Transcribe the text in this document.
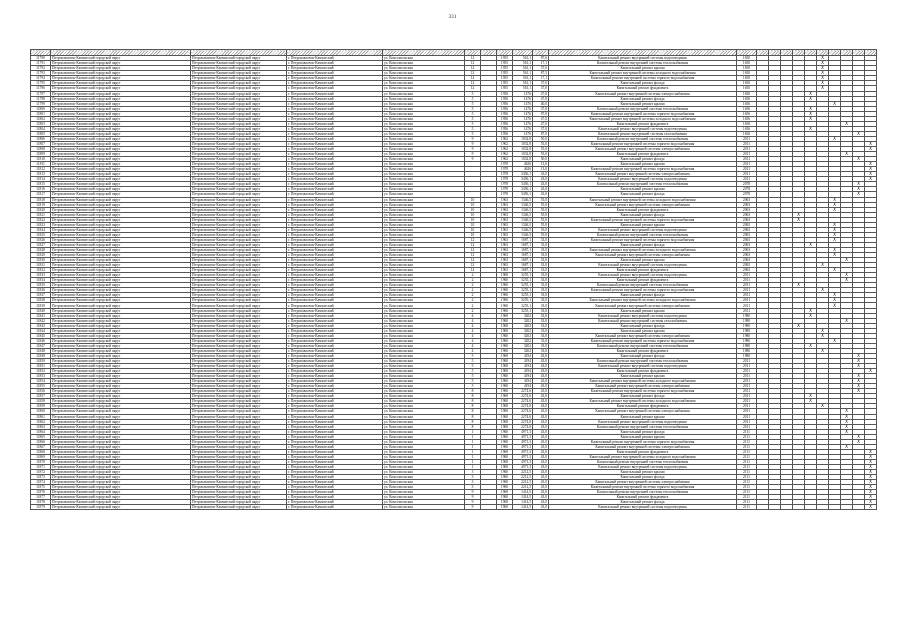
331

11790	Петропавловск-Камчатский городской округ	Петропавловск-Камчатский городской округ	г. Петропавловск-Камчатский	ул. Комсомольская	12		1955	561,1	87,6	Капитальный ремонт внутренней системы водоотведения	1650						X				
11791	Петропавловск-Камчатский городской округ	Петропавловск-Камчатский городской округ	г. Петропавловск-Камчатский	ул. Комсомольская	12		1955	561,1	17,1	Капитальный ремонт внутренней системы теплоснабжения	1650						X				
11792	Петропавловск-Камчатский городской округ	Петропавловск-Камчатский городской округ	г. Петропавловск-Камчатский	ул. Комсомольская	12		1955	561,1	37,0	Капитальный ремонт крыши	1650						X				
11793	Петропавловск-Камчатский городской округ	Петропавловск-Камчатский городской округ	г. Петропавловск-Камчатский	ул. Комсомольская	12		1955	561,1	87,5	Капитальный ремонт внутренней системы холодного водоснабжения	1650						X				
11794	Петропавловск-Камчатский городской округ	Петропавловск-Камчатский городской округ	г. Петропавловск-Камчатский	ул. Комсомольская	12		1955	561,1	17,1	Капитальный ремонт внутренней системы горячего водоснабжения	1650						X				
11795	Петропавловск-Камчатский городской округ	Петропавловск-Камчатский городской округ	г. Петропавловск-Камчатский	ул. Комсомольская	12		1955	561,1	37,0	Капитальный ремонт фасада	1650						X				
11796	Петропавловск-Камчатский городской округ	Петропавловск-Камчатский городской округ	г. Петропавловск-Камчатский	ул. Комсомольская	12		1955	561,1	37,0	Капитальный ремонт фундамента	1650						X				
11797	Петропавловск-Камчатский городской округ	Петропавловск-Камчатский городской округ	г. Петропавловск-Камчатский	ул. Комсомольская	5		1956	1476	47,0	Капитальный ремонт внутренней системы электроснабжения	1656					X					
11798	Петропавловск-Камчатский городской округ	Петропавловск-Камчатский городской округ	г. Петропавловск-Камчатский	ул. Комсомольская	5		1956	1476	47,0	Капитальный ремонт фасада	1656					X					
11799	Петропавловск-Камчатский городской округ	Петропавловск-Камчатский городской округ	г. Петропавловск-Камчатский	ул. Комсомольская	5		1956	1476	40,0	Капитальный ремонт крыши	1656							X			
11800	Петропавловск-Камчатский городской округ	Петропавловск-Камчатский городской округ	г. Петропавловск-Камчатский	ул. Комсомольская	5		1956	1476	37,0	Капитальный ремонт внутренней системы теплоснабжения	1656					X					
11801	Петропавловск-Камчатский городской округ	Петропавловск-Камчатский городской округ	г. Петропавловск-Камчатский	ул. Комсомольская	5		1956	1476	87,0	Капитальный ремонт внутренней системы горячего водоснабжения	1656					X					
11802	Петропавловск-Камчатский городской округ	Петропавловск-Камчатский городской округ	г. Петропавловск-Камчатский	ул. Комсомольская	5		1956	1476	47,0	Капитальный ремонт внутренней системы холодного водоснабжения	1656					X					
11803	Петропавловск-Камчатский городской округ	Петропавловск-Камчатский городской округ	г. Петропавловск-Камчатский	ул. Комсомольская	5		1956	1476	47,0	Капитальный ремонт фундамента	1656								X		
11804	Петропавловск-Камчатский городской округ	Петропавловск-Камчатский городской округ	г. Петропавловск-Камчатский	ул. Комсомольская	5		1956	1476	37,0	Капитальный ремонт внутренней системы водоотведения	1656					X					
11805	Петропавловск-Камчатский городской округ	Петропавловск-Камчатский городской округ	г. Петропавловск-Камчатский	ул. Комсомольская	5		1956	1476	87,0	Капитальный ремонт внутренней системы газоснабжения	1656									X	
11806	Петропавловск-Камчатский городской округ	Петропавловск-Камчатский городской округ	г. Петропавловск-Камчатский	ул. Комсомольская	9		1962	1032,8	50,0	Капитальный ремонт внутренней системы теплоснабжения	2011							X			
11807	Петропавловск-Камчатский городской округ	Петропавловск-Камчатский городской округ	г. Петропавловск-Камчатский	ул. Комсомольская	9		1962	1032,8	55,0	Капитальный ремонт внутренней системы горячего водоснабжения	2011										X
11808	Петропавловск-Камчатский городской округ	Петропавловск-Камчатский городской округ	г. Петропавловск-Камчатский	ул. Комсомольская	9		1962	1032,8	55,0	Капитальный ремонт внутренней системы электроснабжения	2011										X
11809	Петропавловск-Камчатский городской округ	Петропавловск-Камчатский городской округ	г. Петропавловск-Камчатский	ул. Комсомольская	9		1962	1032,8	55,0	Капитальный ремонт фундамента	2011								X		
11810	Петропавловск-Камчатский городской округ	Петропавловск-Камчатский городской округ	г. Петропавловск-Камчатский	ул. Комсомольская	9		1962	1032,8	50,0	Капитальный ремонт фасада	2011									X	
11811	Петропавловск-Камчатский городской округ	Петропавловск-Камчатский городской округ	г. Петропавловск-Камчатский	ул. Комсомольская			1978	4626	13,0	Капитальный ремонт крыши	2011										X
11812	Петропавловск-Камчатский городской округ	Петропавловск-Камчатский городской округ	г. Петропавловск-Камчатский	ул. Комсомольская			1978	4626	13,0	Капитальный ремонт внутренней системы горячего водоснабжения	2011										X
11813	Петропавловск-Камчатский городской округ	Петропавловск-Камчатский городской округ	г. Петропавловск-Камчатский	ул. Комсомольская			1978	3456,1	43,0	Капитальный ремонт внутренней системы электроснабжения	2011										X
11814	Петропавловск-Камчатский городской округ	Петропавловск-Камчатский городской округ	г. Петропавловск-Камчатский	ул. Комсомольская			1978	3456,1	43,0	Капитальный ремонт внутренней системы водоотведения	2011										X
11815	Петропавловск-Камчатский городской округ	Петропавловск-Камчатский городской округ	г. Петропавловск-Камчатский	ул. Комсомольская			1978	3456,1	43,0	Капитальный ремонт внутренней системы теплоснабжения	2078									X	
11816	Петропавловск-Камчатский городской округ	Петропавловск-Камчатский городской округ	г. Петропавловск-Камчатский	ул. Комсомольская			1978	3456,1	43,0	Капитальный ремонт крыши	2078									X	
11817	Петропавловск-Камчатский городской округ	Петропавловск-Камчатский городской округ	г. Петропавловск-Камчатский	ул. Комсомольская			1978	3456,1	43,0	Капитальный ремонт фасада	2078									X	
11818	Петропавловск-Камчатский городской округ	Петропавловск-Камчатский городской округ	г. Петропавловск-Камчатский	ул. Комсомольская	10		1963	1346,5	55,0	Капитальный ремонт внутренней системы холодного водоснабжения	2063							X			
11819	Петропавловск-Камчатский городской округ	Петропавловск-Камчатский городской округ	г. Петропавловск-Камчатский	ул. Комсомольская	10		1963	1346,5	55,0	Капитальный ремонт внутренней системы электроснабжения	2063							X			
11820	Петропавловск-Камчатский городской округ	Петропавловск-Камчатский городской округ	г. Петропавловск-Камчатский	ул. Комсомольская	10		1963	1346,5	55,0	Капитальный ремонт фундамента	2063							X			
11821	Петропавловск-Камчатский городской округ	Петропавловск-Камчатский городской округ	г. Петропавловск-Камчатский	ул. Комсомольская	10		1963	1346,5	55,0	Капитальный ремонт фасада	2063				X						
11822	Петропавловск-Камчатский городской округ	Петропавловск-Камчатский городской округ	г. Петропавловск-Камчатский	ул. Комсомольская	10		1963	1346,5	55,0	Капитальный ремонт внутренней системы горячего водоснабжения	2063				X						
11823	Петропавловск-Камчатский городской округ	Петропавловск-Камчатский городской округ	г. Петропавловск-Камчатский	ул. Комсомольская	10		1963	1346,5	55,0	Капитальный ремонт крыши	2063							X			
11824	Петропавловск-Камчатский городской округ	Петропавловск-Камчатский городской округ	г. Петропавловск-Камчатский	ул. Комсомольская	10		1963	1346,5	55,0	Капитальный ремонт внутренней системы водоотведения	2063							X			
11825	Петропавловск-Камчатский городской округ	Петропавловск-Камчатский городской округ	г. Петропавловск-Камчатский	ул. Комсомольская	10		1963	1346,5	55,0	Капитальный ремонт внутренней системы теплоснабжения	2063							X			
11826	Петропавловск-Камчатский городской округ	Петропавловск-Камчатский городской округ	г. Петропавловск-Камчатский	ул. Комсомольская	12		1963	1687,1	33,0	Капитальный ремонт внутренней системы горячего водоснабжения	2063							X			
11827	Петропавловск-Камчатский городской округ	Петропавловск-Камчатский городской округ	г. Петропавловск-Камчатский	ул. Комсомольская	12		1963	1687,1	33,0	Капитальный ремонт фасада	2063					X					
11828	Петропавловск-Камчатский городской округ	Петропавловск-Камчатский городской округ	г. Петропавловск-Камчатский	ул. Комсомольская	12		1963	1687,1	33,0	Капитальный ремонт внутренней системы холодного водоснабжения	2063							X			
11829	Петропавловск-Камчатский городской округ	Петропавловск-Камчатский городской округ	г. Петропавловск-Камчатский	ул. Комсомольская	12		1963	1687,1	33,0	Капитальный ремонт внутренней системы электроснабжения	2063							X			
11830	Петропавловск-Камчатский городской округ	Петропавловск-Камчатский городской округ	г. Петропавловск-Камчатский	ул. Комсомольская	12		1963	1687,1	33,0	Капитальный ремонт крыши	2063								X		
11831	Петропавловск-Камчатский городской округ	Петропавловск-Камчатский городской округ	г. Петропавловск-Камчатский	ул. Комсомольская	12		1963	1687,1	33,0	Капитальный ремонт внутренней системы водоотведения	2063						X				
11832	Петропавловск-Камчатский городской округ	Петропавловск-Камчатский городской округ	г. Петропавловск-Камчатский	ул. Комсомольская	12		1963	1687,1	33,0	Капитальный ремонт фундамента	2063							X			
11833	Петропавловск-Камчатский городской округ	Петропавловск-Камчатский городской округ	г. Петропавловск-Камчатский	ул. Комсомольская	2		1960	3255,1	33,0	Капитальный ремонт внутренней системы водоотведения	2011								X		
11834	Петропавловск-Камчатский городской округ	Петропавловск-Камчатский городской округ	г. Петропавловск-Камчатский	ул. Комсомольская	2		1960	3255,1	33,0	Капитальный ремонт фундамента	2011								X		
11835	Петропавловск-Камчатский городской округ	Петропавловск-Камчатский городской округ	г. Петропавловск-Камчатский	ул. Комсомольская	2		1960	3255,1	33,0	Капитальный ремонт внутренней системы теплоснабжения	2011				X						
11836	Петропавловск-Камчатский городской округ	Петропавловск-Камчатский городской округ	г. Петропавловск-Камчатский	ул. Комсомольская	2		1960	3255,1	33,0	Капитальный ремонт внутренней системы горячего водоснабжения	2011						X				
11837	Петропавловск-Камчатский городской округ	Петропавловск-Камчатский городской округ	г. Петропавловск-Камчатский	ул. Комсомольская	2		1960	3255,1	33,0	Капитальный ремонт фасада	2011							X			
11838	Петропавловск-Камчатский городской округ	Петропавловск-Камчатский городской округ	г. Петропавловск-Камчатский	ул. Комсомольская	2		1960	3255,1	33,0	Капитальный ремонт внутренней системы холодного водоснабжения	2011							X			
11839	Петропавловск-Камчатский городской округ	Петропавловск-Камчатский городской округ	г. Петропавловск-Камчатский	ул. Комсомольская	2		1960	3255,1	33,0	Капитальный ремонт внутренней системы электроснабжения	2011							X			
11840	Петропавловск-Камчатский городской округ	Петропавловск-Камчатский городской округ	г. Петропавловск-Камчатский	ул. Комсомольская	2		1960	3255,1	33,0	Капитальный ремонт крыши	2011					X					
11841	Петропавловск-Камчатский городской округ	Петропавловск-Камчатский городской округ	г. Петропавловск-Камчатский	ул. Комсомольская	4		1960	3202	33,0	Капитальный ремонт внутренней системы водоотведения	1980					X					
11842	Петропавловск-Камчатский городской округ	Петропавловск-Камчатский городской округ	г. Петропавловск-Камчатский	ул. Комсомольская	4		1960	3202	33,0	Капитальный ремонт внутренней системы газоснабжения	1980								X		
11843	Петропавловск-Камчатский городской округ	Петропавловск-Камчатский городской округ	г. Петропавловск-Камчатский	ул. Комсомольская	4		1960	3202	33,0	Капитальный ремонт фасада	1980				X						
11844	Петропавловск-Камчатский городской округ	Петропавловск-Камчатский городской округ	г. Петропавловск-Камчатский	ул. Комсомольская	4		1960	3202	33,0	Капитальный ремонт крыши	1980						X				
11845	Петропавловск-Камчатский городской округ	Петропавловск-Камчатский городской округ	г. Петропавловск-Камчатский	ул. Комсомольская	4		1960	3202	33,0	Капитальный ремонт внутренней системы электроснабжения	1980						X				
11846	Петропавловск-Камчатский городской округ	Петропавловск-Камчатский городской округ	г. Петропавловск-Камчатский	ул. Комсомольская	4		1960	3202	33,0	Капитальный ремонт внутренней системы горячего водоснабжения	1980							X			
11847	Петропавловск-Камчатский городской округ	Петропавловск-Камчатский городской округ	г. Петропавловск-Камчатский	ул. Комсомольская	4		1960	3202	33,0	Капитальный ремонт внутренней системы теплоснабжения	1980					X					
11848	Петропавловск-Камчатский городской округ	Петропавловск-Камчатский городской округ	г. Петропавловск-Камчатский	ул. Комсомольская	4		1960	3202	33,0	Капитальный ремонт фундамента	1980						X				
11849	Петропавловск-Камчатский городской округ	Петропавловск-Камчатский городской округ	г. Петропавловск-Камчатский	ул. Комсомольская	5		1960	4194	43,0	Капитальный ремонт фасада	1980									X	
11850	Петропавловск-Камчатский городской округ	Петропавловск-Камчатский городской округ	г. Петропавловск-Камчатский	ул. Комсомольская	5		1960	4194	43,0	Капитальный ремонт внутренней системы теплоснабжения	2011									X	
11851	Петропавловск-Камчатский городской округ	Петропавловск-Камчатский городской округ	г. Петропавловск-Камчатский	ул. Комсомольская	5		1960	4194	43,0	Капитальный ремонт внутренней системы водоотведения	2011									X	
11852	Петропавловск-Камчатский городской округ	Петропавловск-Камчатский городской округ	г. Петропавловск-Камчатский	ул. Комсомольская	5		1960	4194	43,0	Капитальный ремонт фундамента	2011										X
11853	Петропавловск-Камчатский городской округ	Петропавловск-Камчатский городской округ	г. Петропавловск-Камчатский	ул. Комсомольская	5		1960	4194	43,0	Капитальный ремонт крыши	2011									X	
11854	Петропавловск-Камчатский городской округ	Петропавловск-Камчатский городской округ	г. Петропавловск-Камчатский	ул. Комсомольская	5		1960	4194	43,0	Капитальный ремонт внутренней системы холодного водоснабжения	2011									X	
11855	Петропавловск-Камчатский городской округ	Петропавловск-Камчатский городской округ	г. Петропавловск-Камчатский	ул. Комсомольская	5		1960	4194	43,0	Капитальный ремонт внутренней системы электроснабжения	2011									X	
11856	Петропавловск-Камчатский городской округ	Петропавловск-Камчатский городской округ	г. Петропавловск-Камчатский	ул. Комсомольская	8		1960	2274,6	43,0	Капитальный ремонт внутренней системы горячего водоснабжения	2011									X	
11857	Петропавловск-Камчатский городской округ	Петропавловск-Камчатский городской округ	г. Петропавловск-Камчатский	ул. Комсомольская	8		1960	2274,6	43,0	Капитальный ремонт фасада	2011					X					
11858	Петропавловск-Камчатский городской округ	Петропавловск-Камчатский городской округ	г. Петропавловск-Камчатский	ул. Комсомольская	8		1960	2274,6	43,0	Капитальный ремонт внутренней системы холодного водоснабжения	2011					X					
11859	Петропавловск-Камчатский городской округ	Петропавловск-Камчатский городской округ	г. Петропавловск-Камчатский	ул. Комсомольская	8		1960	2274,6	43,0	Капитальный ремонт фундамента	2011						X				
11860	Петропавловск-Камчатский городской округ	Петропавловск-Камчатский городской округ	г. Петропавловск-Камчатский	ул. Комсомольская	8		1960	2274,6	43,0	Капитальный ремонт внутренней системы электроснабжения	2011								X		
11861	Петропавловск-Камчатский городской округ	Петропавловск-Камчатский городской округ	г. Петропавловск-Камчатский	ул. Комсомольская	8		1960	2274,6	43,0	Капитальный ремонт крыши	2011								X		
11862	Петропавловск-Камчатский городской округ	Петропавловск-Камчатский городской округ	г. Петропавловск-Камчатский	ул. Комсомольская	8		1960	2274,6	43,0	Капитальный ремонт внутренней системы водоотведения	2011								X		
11863	Петропавловск-Камчатский городской округ	Петропавловск-Камчатский городской округ	г. Петропавловск-Камчатский	ул. Комсомольская	8		1960	2274,6	43,0	Капитальный ремонт внутренней системы теплоснабжения	2011								X		
11864	Петропавловск-Камчатский городской округ	Петропавловск-Камчатский городской округ	г. Петропавловск-Камчатский	ул. Комсомольская	1		1960	4971,3	43,0	Капитальный ремонт фасада	2111								X		
11865	Петропавловск-Камчатский городской округ	Петропавловск-Камчатский городской округ	г. Петропавловск-Камчатский	ул. Комсомольская	1		1960	4971,3	43,0	Капитальный ремонт крыши	2111									X	
11866	Петропавловск-Камчатский городской округ	Петропавловск-Камчатский городской округ	г. Петропавловск-Камчатский	ул. Комсомольская	1		1960	4971,3	43,0	Капитальный ремонт внутренней системы горячего водоснабжения	2111									X	
11867	Петропавловск-Камчатский городской округ	Петропавловск-Камчатский городской округ	г. Петропавловск-Камчатский	ул. Комсомольская	1		1960	4971,3	43,0	Капитальный ремонт внутренней системы электроснабжения	2111								X		
11868	Петропавловск-Камчатский городской округ	Петропавловск-Камчатский городской округ	г. Петропавловск-Камчатский	ул. Комсомольская	1		1960	4971,3	43,0	Капитальный ремонт фундамента	2111										X
11869	Петропавловск-Камчатский городской округ	Петропавловск-Камчатский городской округ	г. Петропавловск-Камчатский	ул. Комсомольская	1		1960	4971,3	43,0	Капитальный ремонт внутренней системы холодного водоснабжения	2111										X
11870	Петропавловск-Камчатский городской округ	Петропавловск-Камчатский городской округ	г. Петропавловск-Камчатский	ул. Комсомольская	1		1960	4971,3	43,0	Капитальный ремонт внутренней системы теплоснабжения	2111										X
11871	Петропавловск-Камчатский городской округ	Петропавловск-Камчатский городской округ	г. Петропавловск-Камчатский	ул. Комсомольская	1		1960	4971,3	43,0	Капитальный ремонт внутренней системы водоотведения	2111										X
11872	Петропавловск-Камчатский городской округ	Петропавловск-Камчатский городской округ	г. Петропавловск-Камчатский	ул. Комсомольская	3		1960	2212,5	43,0	Капитальный ремонт крыши	2111										X
11873	Петропавловск-Камчатский городской округ	Петропавловск-Камчатский городской округ	г. Петропавловск-Камчатский	ул. Комсомольская	3		1960	2212,5	43,0	Капитальный ремонт фасада	2111										X
11874	Петропавловск-Камчатский городской округ	Петропавловск-Камчатский городской округ	г. Петропавловск-Камчатский	ул. Комсомольская	3		1960	2212,5	43,0	Капитальный ремонт внутренней системы электроснабжения	2111										X
11875	Петропавловск-Камчатский городской округ	Петропавловск-Камчатский городской округ	г. Петропавловск-Камчатский	ул. Комсомольская	3		1960	2212,5	43,0	Капитальный ремонт внутренней системы горячего водоснабжения	2111										X
11876	Петропавловск-Камчатский городской округ	Петропавловск-Камчатский городской округ	г. Петропавловск-Камчатский	ул. Комсомольская	9		1960	1414,5	43,0	Капитальный ремонт внутренней системы теплоснабжения	2111										X
11877	Петропавловск-Камчатский городской округ	Петропавловск-Камчатский городской округ	г. Петропавловск-Камчатский	ул. Комсомольская	9		1960	1414,5	43,0	Капитальный ремонт фундамента	2111										X
11878	Петропавловск-Камчатский городской округ	Петропавловск-Камчатский городской округ	г. Петропавловск-Камчатский	ул. Комсомольская	9		1960	1414,5	43,0	Капитальный ремонт фасада	2111										X
11879	Петропавловск-Камчатский городской округ	Петропавловск-Камчатский городской округ	г. Петропавловск-Камчатский	ул. Комсомольская	9		1960	1414,5	43,0	Капитальный ремонт внутренней системы водоотведения	2111										X
